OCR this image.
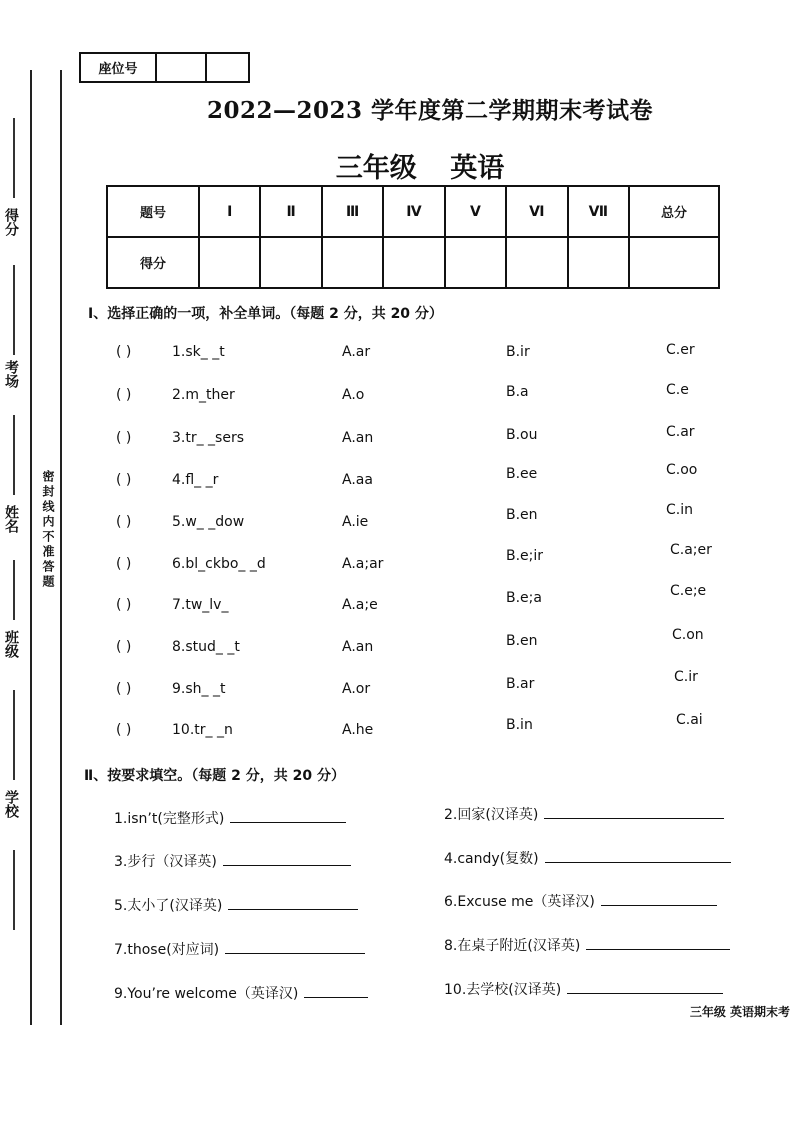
得分
考场
姓名
班级
学校
密封线内不准答题
座位号
2022—2023 学年度第二学期期末考试卷
三年级 英语
题号	Ⅰ	Ⅱ	Ⅲ	Ⅳ	Ⅴ	Ⅵ	Ⅶ	总分
得分								
Ⅰ、选择正确的一项，补全单词。（每题 2 分，共 20 分）
( )	1.sk_ _t	A.ar	B.ir	C.er
( )	2.m_ther	A.o	B.a	C.e
( )	3.tr_ _sers	A.an	B.ou	C.ar
( )	4.fl_ _r	A.aa	B.ee	C.oo
( )	5.w_ _dow	A.ie	B.en	C.in
( )	6.bl_ckbo_ _d	A.a;ar	B.e;ir	C.a;er
( )	7.tw_lv_	A.a;e	B.e;a	C.e;e
( )	8.stud_ _t	A.an	B.en	C.on
( )	9.sh_ _t	A.or	B.ar	C.ir
( )	10.tr_ _n	A.he	B.in	C.ai
Ⅱ、按要求填空。（每题 2 分，共 20 分）
1.isn’t(完整形式)	2.回家(汉译英)
3.步行（汉译英)	4.candy(复数)
5.太小了(汉译英)	6.Excuse me（英译汉)
7.those(对应词)	8.在桌子附近(汉译英)
9.You’re welcome（英译汉)	10.去学校(汉译英)
三年级 英语期末考
